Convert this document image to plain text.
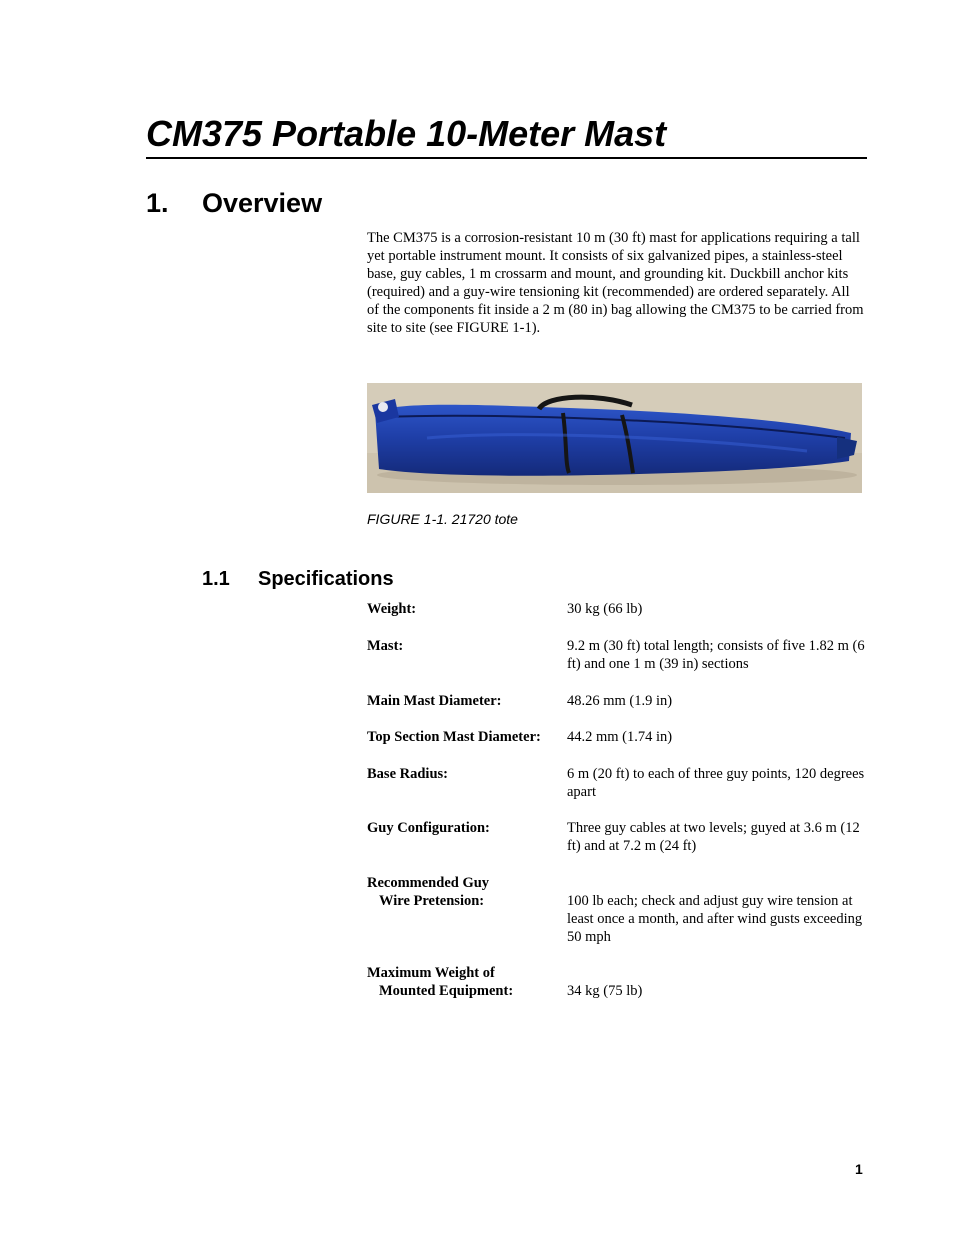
CM375 Portable 10-Meter Mast
1. Overview

The CM375 is a corrosion-resistant 10 m (30 ft) mast for applications requiring a tall yet portable instrument mount. It consists of six galvanized pipes, a stainless-steel base, guy cables, 1 m crossarm and mount, and grounding kit. Duckbill anchor kits (required) and a guy-wire tensioning kit (recommended) are ordered separately. All of the components fit inside a 2 m (80 in) bag allowing the CM375 to be carried from site to site (see FIGURE 1-1).

FIGURE 1-1. 21720 tote

1.1 Specifications
Weight:	30 kg (66 lb)
Mast:	9.2 m (30 ft) total length; consists of five 1.82 m (6 ft) and one 1 m (39 in) sections
Main Mast Diameter:	48.26 mm (1.9 in)
Top Section Mast Diameter:	44.2 mm (1.74 in)
Base Radius:	6 m (20 ft) to each of three guy points, 120 degrees apart
Guy Configuration:	Three guy cables at two levels; guyed at 3.6 m (12 ft) and at 7.2 m (24 ft)
Recommended Guy
Wire Pretension:	100 lb each; check and adjust guy wire tension at least once a month, and after wind gusts exceeding 50 mph
Maximum Weight of
Mounted Equipment:	34 kg (75 lb)
1
